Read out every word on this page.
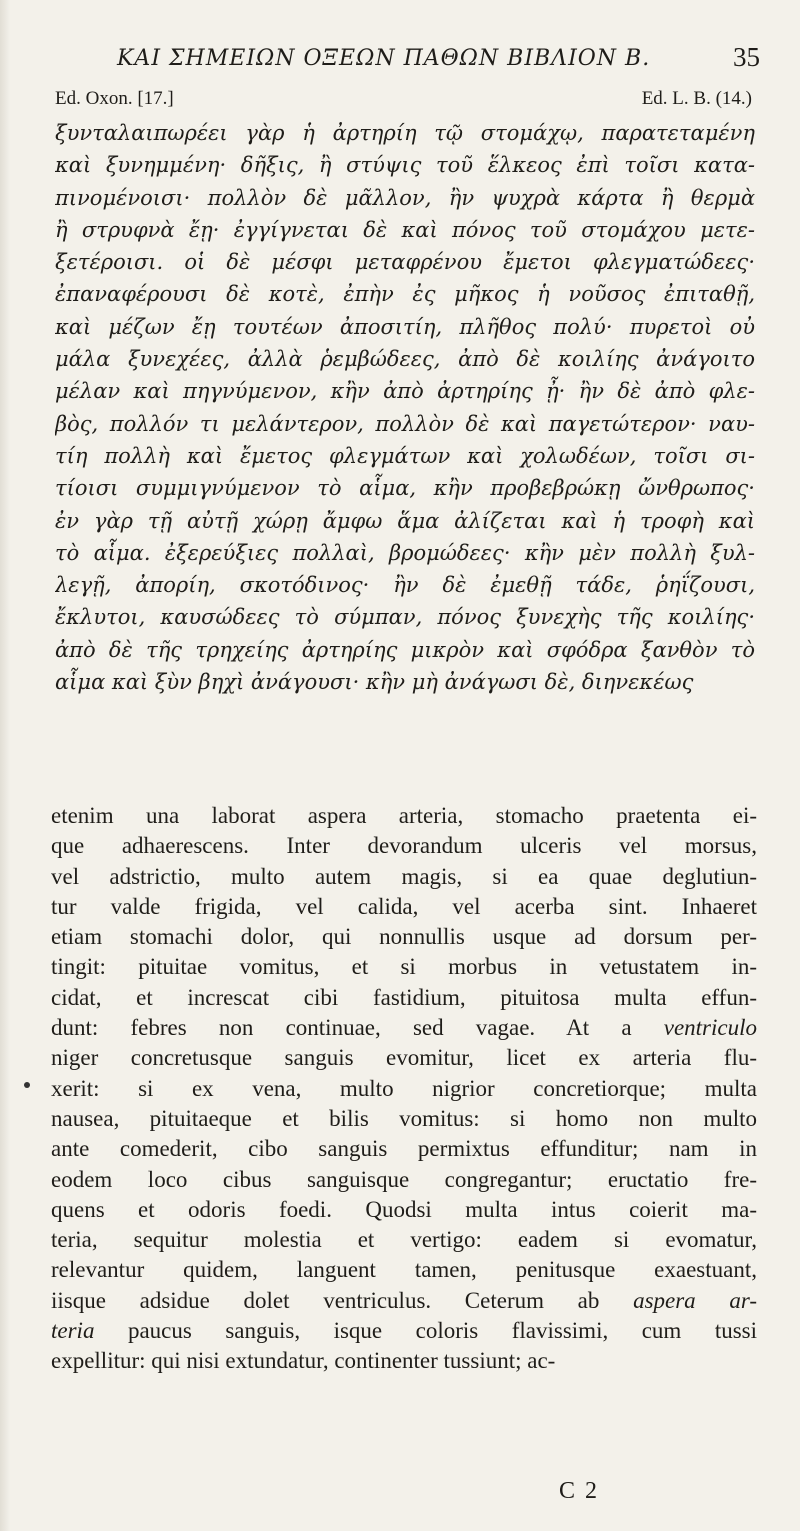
ΚΑΙ ΣΗΜΕΙΩΝ ΟΞΕΩΝ ΠΑΘΩΝ ΒΙΒΛΙΟΝ Β.	35
Ed. Oxon. [17.]	Ed. L. B. (14.)
ξυνταλαιπωρέει γὰρ ἡ ἀρτηρίη τῷ στομάχῳ, παρατεταμένη
καὶ ξυνημμένη· δῆξις, ἢ στύψις τοῦ ἕλκεος ἐπὶ τοῖσι κατα-
πινομένοισι· πολλὸν δὲ μᾶλλον, ἢν ψυχρὰ κάρτα ἢ θερμὰ
ἢ στρυφνὰ ἔῃ· ἐγγίγνεται δὲ καὶ πόνος τοῦ στομάχου μετε-
ξετέροισι. οἱ δὲ μέσφι μεταφρένου ἔμετοι φλεγματώδεες·
ἐπαναφέρουσι δὲ κοτὲ, ἐπὴν ἐς μῆκος ἡ νοῦσος ἐπιταθῇ,
καὶ μέζων ἔῃ τουτέων ἀποσιτίη, πλῆθος πολύ· πυρετοὶ οὐ
μάλα ξυνεχέες, ἀλλὰ ῥεμβώδεες, ἀπὸ δὲ κοιλίης ἀνάγοιτο
μέλαν καὶ πηγνύμενον, κἢν ἀπὸ ἀρτηρίης ᾖ· ἢν δὲ ἀπὸ φλε-
βὸς, πολλόν τι μελάντερον, πολλὸν δὲ καὶ παγετώτερον· ναυ-
τίη πολλὴ καὶ ἔμετος φλεγμάτων καὶ χολωδέων, τοῖσι σι-
τίοισι συμμιγνύμενον τὸ αἷμα, κἢν προβεβρώκῃ ὤνθρωπος·
ἐν γὰρ τῇ αὐτῇ χώρῃ ἄμφω ἅμα ἀλίζεται καὶ ἡ τροφὴ καὶ
τὸ αἷμα. ἐξερεύξιες πολλαὶ, βρομώδεες· κἢν μὲν πολλὴ ξυλ-
λεγῇ, ἀπορίη, σκοτόδινος· ἢν δὲ ἐμεθῇ τάδε, ῥηΐζουσι,
ἔκλυτοι, καυσώδεες τὸ σύμπαν, πόνος ξυνεχὴς τῆς κοιλίης·
ἀπὸ δὲ τῆς τρηχείης ἀρτηρίης μικρὸν καὶ σφόδρα ξανθὸν τὸ
αἷμα καὶ ξὺν βηχὶ ἀνάγουσι· κἢν μὴ ἀνάγωσι δὲ, διηνεκέως
etenim una laborat aspera arteria, stomacho praetenta ei-
que adhaerescens. Inter devorandum ulceris vel morsus,
vel adstrictio, multo autem magis, si ea quae deglutiun-
tur valde frigida, vel calida, vel acerba sint. Inhaeret
etiam stomachi dolor, qui nonnullis usque ad dorsum per-
tingit: pituitae vomitus, et si morbus in vetustatem in-
cidat, et increscat cibi fastidium, pituitosa multa effun-
dunt: febres non continuae, sed vagae. At a ventriculo
niger concretusque sanguis evomitur, licet ex arteria flu-
xerit: si ex vena, multo nigrior concretiorque; multa
nausea, pituitaeque et bilis vomitus: si homo non multo
ante comederit, cibo sanguis permixtus effunditur; nam in
eodem loco cibus sanguisque congregantur; eructatio fre-
quens et odoris foedi. Quodsi multa intus coierit ma-
teria, sequitur molestia et vertigo: eadem si evomatur,
relevantur quidem, languent tamen, penitusque exaestuant,
iisque adsidue dolet ventriculus. Ceterum ab aspera ar-
teria paucus sanguis, isque coloris flavissimi, cum tussi
expellitur: qui nisi extundatur, continenter tussiunt; ac-
C 2
